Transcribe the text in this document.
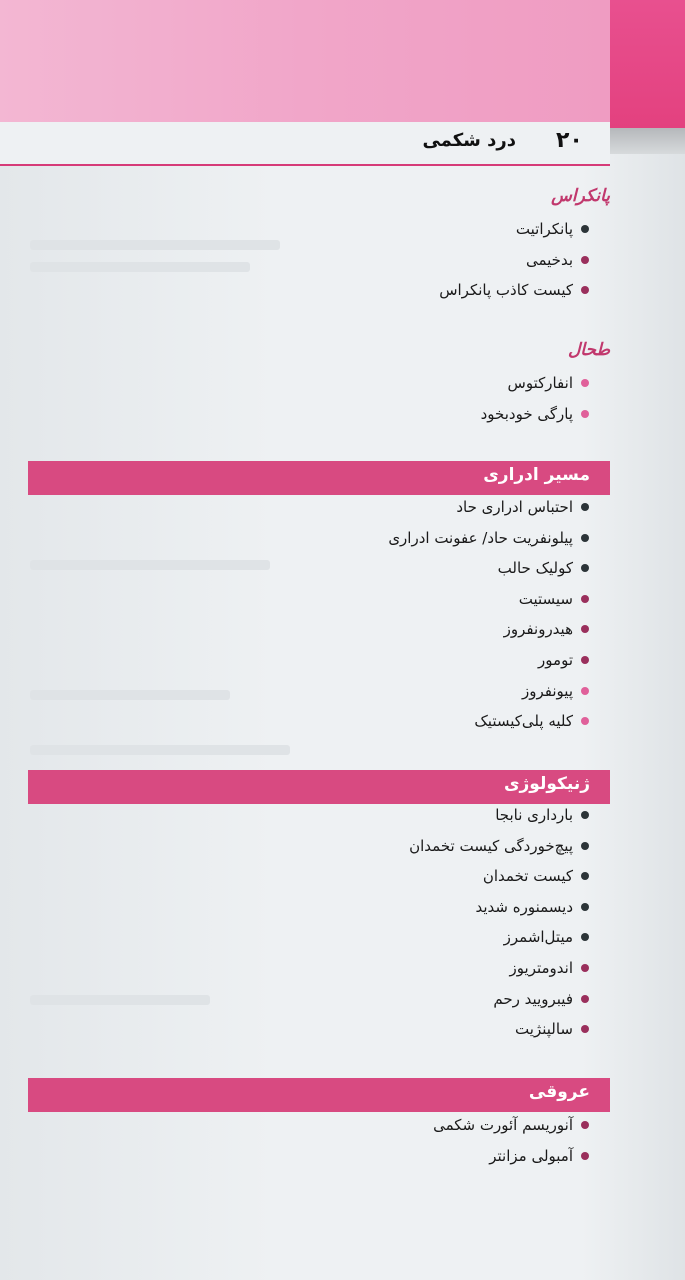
۲۰
درد شکمی
پانکراس
پانکراتیت
بدخیمی
کیست کاذب پانکراس
طحال
انفارکتوس
پارگی خودبخود
مسیر ادراری
احتباس ادراری حاد
پیلونفریت حاد/ عفونت ادراری
کولیک حالب
سیستیت
هیدرونفروز
تومور
پیونفروز
کلیه پلی‌کیستیک
ژنیکولوژی
بارداری نابجا
پیچ‌خوردگی کیست تخمدان
کیست تخمدان
دیسمنوره شدید
میتل‌اشمرز
اندومتریوز
فیبرویید رحم
سالپنژیت
عروقی
آنوریسم آئورت شکمی
آمبولی مزانتر
